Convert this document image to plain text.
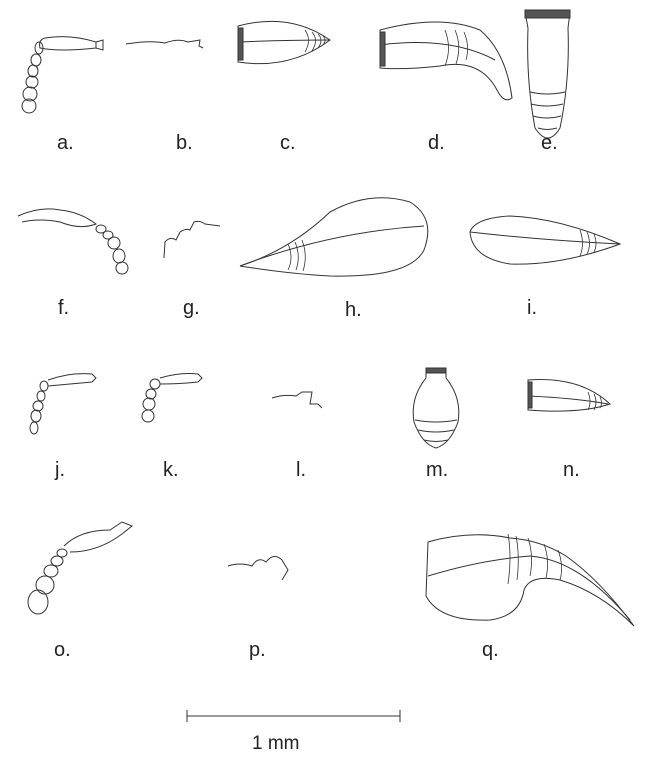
a.	b.	c.	d.	e.
f.	g.	h.	i.
j.	k.	l.	m.	n.
o.	p.	q.
1 mm
